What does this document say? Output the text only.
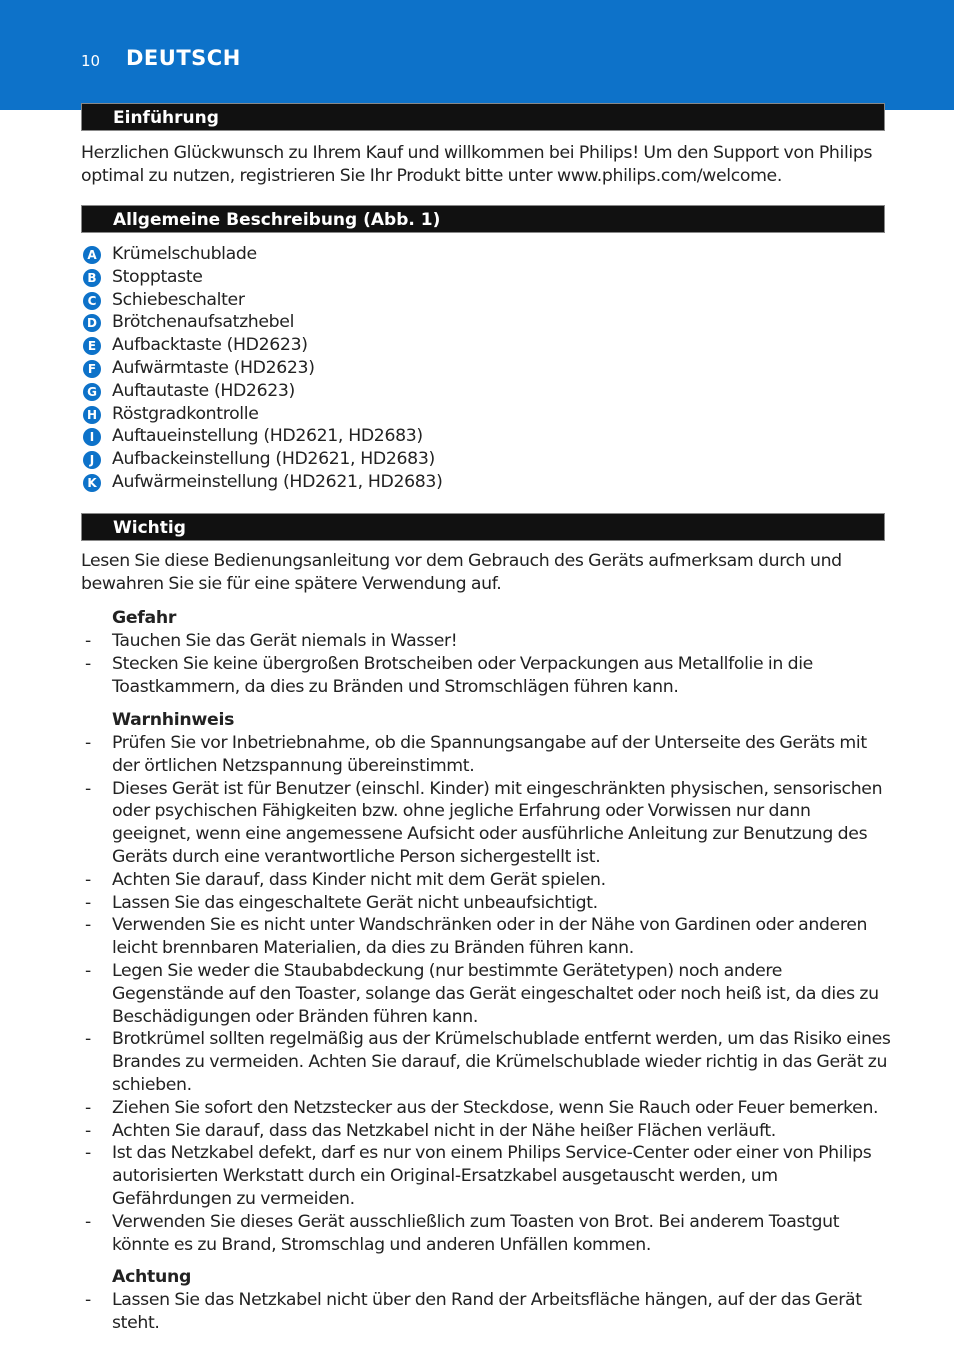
10 DEUTSCH
Einführung
Herzlichen Glückwunsch zu Ihrem Kauf und willkommen bei Philips! Um den Support von Philips optimal zu nutzen, registrieren Sie Ihr Produkt bitte unter www.philips.com/welcome.
Allgemeine Beschreibung (Abb. 1)
A Krümelschublade
B Stopptaste
C Schiebeschalter
D Brötchenaufsatzhebel
E Aufbacktaste (HD2623)
F Aufwärmtaste (HD2623)
G Auftautaste (HD2623)
H Röstgradkontrolle
I	Auftaueinstellung (HD2621, HD2683)
J	Aufbackeinstellung (HD2621, HD2683)
K Aufwärmeinstellung (HD2621, HD2683)
Wichtig
Lesen Sie diese Bedienungsanleitung vor dem Gebrauch des Geräts aufmerksam durch und bewahren Sie sie für eine spätere Verwendung auf.
Gefahr
- Tauchen Sie das Gerät niemals in Wasser!
- Stecken Sie keine übergroßen Brotscheiben oder Verpackungen aus Metallfolie in die Toastkammern, da dies zu Bränden und Stromschlägen führen kann.
Warnhinweis
- Prüfen Sie vor Inbetriebnahme, ob die Spannungsangabe auf der Unterseite des Geräts mit der örtlichen Netzspannung übereinstimmt.
- Dieses Gerät ist für Benutzer (einschl. Kinder) mit eingeschränkten physischen, sensorischen oder psychischen Fähigkeiten bzw. ohne jegliche Erfahrung oder Vorwissen nur dann geeignet, wenn eine angemessene Aufsicht oder ausführliche Anleitung zur Benutzung des Geräts durch eine verantwortliche Person sichergestellt ist.
- Achten Sie darauf, dass Kinder nicht mit dem Gerät spielen.
- Lassen Sie das eingeschaltete Gerät nicht unbeaufsichtigt.
- Verwenden Sie es nicht unter Wandschränken oder in der Nähe von Gardinen oder anderen leicht brennbaren Materialien, da dies zu Bränden führen kann.
- Legen Sie weder die Staubabdeckung (nur bestimmte Gerätetypen) noch andere Gegenstände auf den Toaster, solange das Gerät eingeschaltet oder noch heiß ist, da dies zu Beschädigungen oder Bränden führen kann.
- Brotkrümel sollten regelmäßig aus der Krümelschublade entfernt werden, um das Risiko eines Brandes zu vermeiden. Achten Sie darauf, die Krümelschublade wieder richtig in das Gerät zu schieben.
- Ziehen Sie sofort den Netzstecker aus der Steckdose, wenn Sie Rauch oder Feuer bemerken.
- Achten Sie darauf, dass das Netzkabel nicht in der Nähe heißer Flächen verläuft.
- Ist das Netzkabel defekt, darf es nur von einem Philips Service-Center oder einer von Philips autorisierten Werkstatt durch ein Original-Ersatzkabel ausgetauscht werden, um Gefährdungen zu vermeiden.
- Verwenden Sie dieses Gerät ausschließlich zum Toasten von Brot. Bei anderem Toastgut könnte es zu Brand, Stromschlag und anderen Unfällen kommen.
Achtung
- Lassen Sie das Netzkabel nicht über den Rand der Arbeitsfläche hängen, auf der das Gerät steht.
